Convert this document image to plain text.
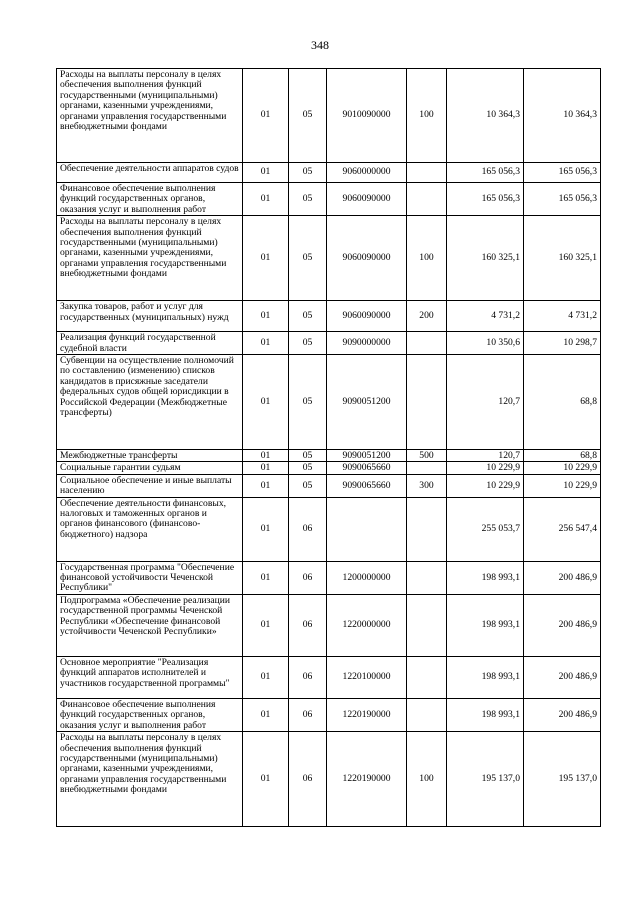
348
Расходы на выплаты персоналу в целях обеспечения выполнения функций государственными (муниципальными) органами, казенными учреждениями, органами управления государственными внебюджетными фондами	01	05	9010090000	100	10 364,3	10 364,3
Обеспечение деятельности аппаратов судов	01	05	9060000000		165 056,3	165 056,3
Финансовое обеспечение выполнения функций государственных органов, оказания услуг и выполнения работ	01	05	9060090000		165 056,3	165 056,3
Расходы на выплаты персоналу в целях обеспечения выполнения функций государственными (муниципальными) органами, казенными учреждениями, органами управления государственными внебюджетными фондами	01	05	9060090000	100	160 325,1	160 325,1
Закупка товаров, работ и услуг для государственных (муниципальных) нужд	01	05	9060090000	200	4 731,2	4 731,2
Реализация функций государственной судебной власти	01	05	9090000000		10 350,6	10 298,7
Субвенции на осуществление полномочий по составлению (изменению) списков кандидатов в присяжные заседатели федеральных судов общей юрисдикции в Российской Федерации (Межбюджетные трансферты)	01	05	9090051200		120,7	68,8
Межбюджетные трансферты	01	05	9090051200	500	120,7	68,8
Социальные гарантии судьям	01	05	9090065660		10 229,9	10 229,9
Социальное обеспечение и иные выплаты населению	01	05	9090065660	300	10 229,9	10 229,9
Обеспечение деятельности финансовых, налоговых и таможенных органов и органов финансового (финансово-бюджетного) надзора	01	06			255 053,7	256 547,4
Государственная программа "Обеспечение финансовой устойчивости Чеченской Республики"	01	06	1200000000		198 993,1	200 486,9
Подпрограмма «Обеспечение реализации государственной программы Чеченской Республики «Обеспечение финансовой устойчивости Чеченской Республики»	01	06	1220000000		198 993,1	200 486,9
Основное мероприятие "Реализация функций аппаратов исполнителей и участников государственной программы"	01	06	1220100000		198 993,1	200 486,9
Финансовое обеспечение выполнения функций государственных органов, оказания услуг и выполнения работ	01	06	1220190000		198 993,1	200 486,9
Расходы на выплаты персоналу в целях обеспечения выполнения функций государственными (муниципальными) органами, казенными учреждениями, органами управления государственными внебюджетными фондами	01	06	1220190000	100	195 137,0	195 137,0
